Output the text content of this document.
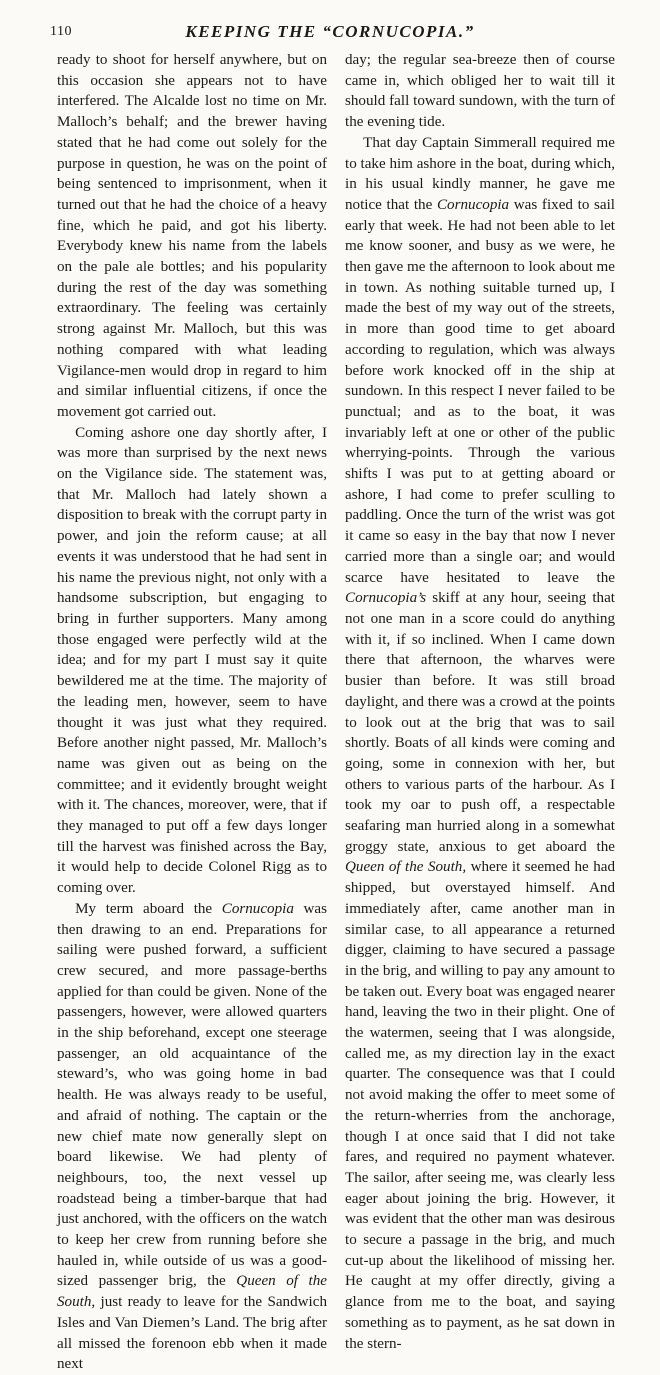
110	KEEPING THE “CORNUCOPIA.”

ready to shoot for herself anywhere, but on this occasion she appears not to have interfered. The Alcalde lost no time on Mr. Malloch’s behalf; and the brewer having stated that he had come out solely for the purpose in question, he was on the point of being sentenced to imprisonment, when it turned out that he had the choice of a heavy fine, which he paid, and got his liberty. Everybody knew his name from the labels on the pale ale bottles; and his popularity during the rest of the day was something extraordinary. The feeling was certainly strong against Mr. Malloch, but this was nothing compared with what leading Vigilance-men would drop in regard to him and similar influential citizens, if once the movement got carried out.

Coming ashore one day shortly after, I was more than surprised by the next news on the Vigilance side. The statement was, that Mr. Malloch had lately shown a disposition to break with the corrupt party in power, and join the reform cause; at all events it was understood that he had sent in his name the previous night, not only with a handsome subscription, but engaging to bring in further supporters. Many among those engaged were perfectly wild at the idea; and for my part I must say it quite bewildered me at the time. The majority of the leading men, however, seem to have thought it was just what they required. Before another night passed, Mr. Malloch’s name was given out as being on the committee; and it evidently brought weight with it. The chances, moreover, were, that if they managed to put off a few days longer till the harvest was finished across the Bay, it would help to decide Colonel Rigg as to coming over.

My term aboard the Cornucopia was then drawing to an end. Preparations for sailing were pushed forward, a sufficient crew secured, and more passage-berths applied for than could be given. None of the passengers, however, were allowed quarters in the ship beforehand, except one steerage passenger, an old acquaintance of the steward’s, who was going home in bad health. He was always ready to be useful, and afraid of nothing. The captain or the new chief mate now generally slept on board likewise. We had plenty of neighbours, too, the next vessel up roadstead being a timber-barque that had just anchored, with the officers on the watch to keep her crew from running before she hauled in, while outside of us was a good-sized passenger brig, the Queen of the South, just ready to leave for the Sandwich Isles and Van Diemen’s Land. The brig after all missed the forenoon ebb when it made next

day; the regular sea-breeze then of course came in, which obliged her to wait till it should fall toward sundown, with the turn of the evening tide.

That day Captain Simmerall required me to take him ashore in the boat, during which, in his usual kindly manner, he gave me notice that the Cornucopia was fixed to sail early that week. He had not been able to let me know sooner, and busy as we were, he then gave me the afternoon to look about me in town. As nothing suitable turned up, I made the best of my way out of the streets, in more than good time to get aboard according to regulation, which was always before work knocked off in the ship at sundown. In this respect I never failed to be punctual; and as to the boat, it was invariably left at one or other of the public wherrying-points. Through the various shifts I was put to at getting aboard or ashore, I had come to prefer sculling to paddling. Once the turn of the wrist was got it came so easy in the bay that now I never carried more than a single oar; and would scarce have hesitated to leave the Cornucopia’s skiff at any hour, seeing that not one man in a score could do anything with it, if so inclined. When I came down there that afternoon, the wharves were busier than before. It was still broad daylight, and there was a crowd at the points to look out at the brig that was to sail shortly. Boats of all kinds were coming and going, some in connexion with her, but others to various parts of the harbour. As I took my oar to push off, a respectable seafaring man hurried along in a somewhat groggy state, anxious to get aboard the Queen of the South, where it seemed he had shipped, but overstayed himself. And immediately after, came another man in similar case, to all appearance a returned digger, claiming to have secured a passage in the brig, and willing to pay any amount to be taken out. Every boat was engaged nearer hand, leaving the two in their plight. One of the watermen, seeing that I was alongside, called me, as my direction lay in the exact quarter. The consequence was that I could not avoid making the offer to meet some of the return-wherries from the anchorage, though I at once said that I did not take fares, and required no payment whatever. The sailor, after seeing me, was clearly less eager about joining the brig. However, it was evident that the other man was desirous to secure a passage in the brig, and much cut-up about the likelihood of missing her. He caught at my offer directly, giving a glance from me to the boat, and saying something as to payment, as he sat down in the stern-
